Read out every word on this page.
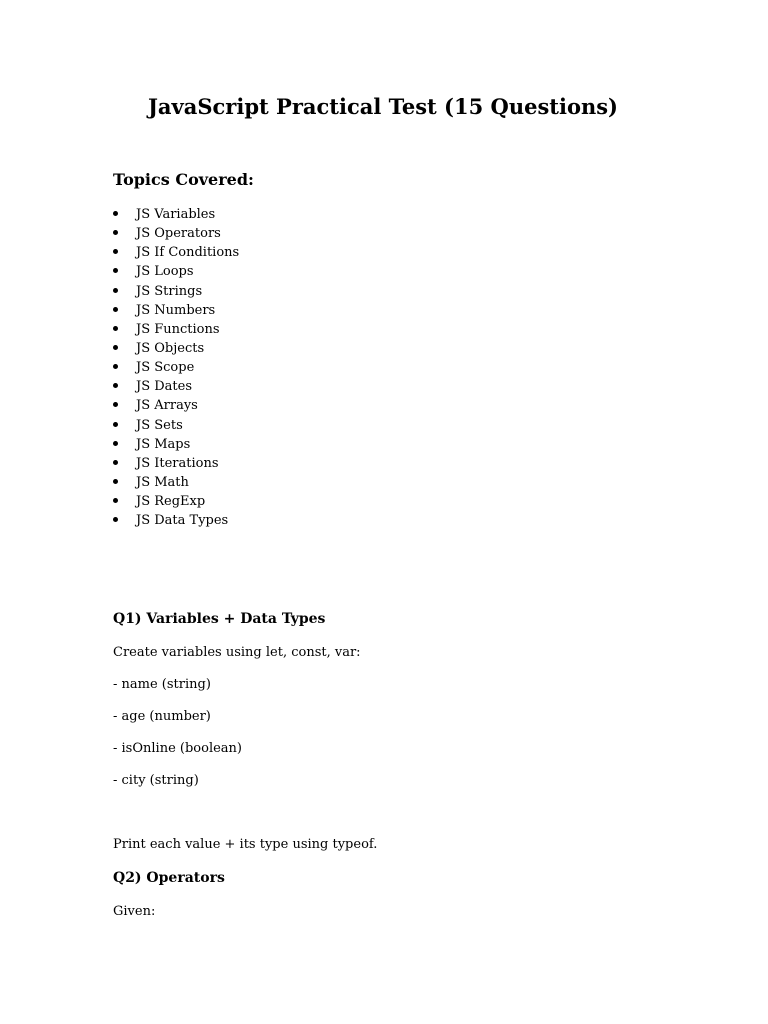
JavaScript Practical Test (15 Questions)
Topics Covered:
JS Variables
JS Operators
JS If Conditions
JS Loops
JS Strings
JS Numbers
JS Functions
JS Objects
JS Scope
JS Dates
JS Arrays
JS Sets
JS Maps
JS Iterations
JS Math
JS RegExp
JS Data Types
Q1) Variables + Data Types

Create variables using let, const, var:

- name (string)

- age (number)

- isOnline (boolean)

- city (string)

Print each value + its type using typeof.

Q2) Operators

Given:
